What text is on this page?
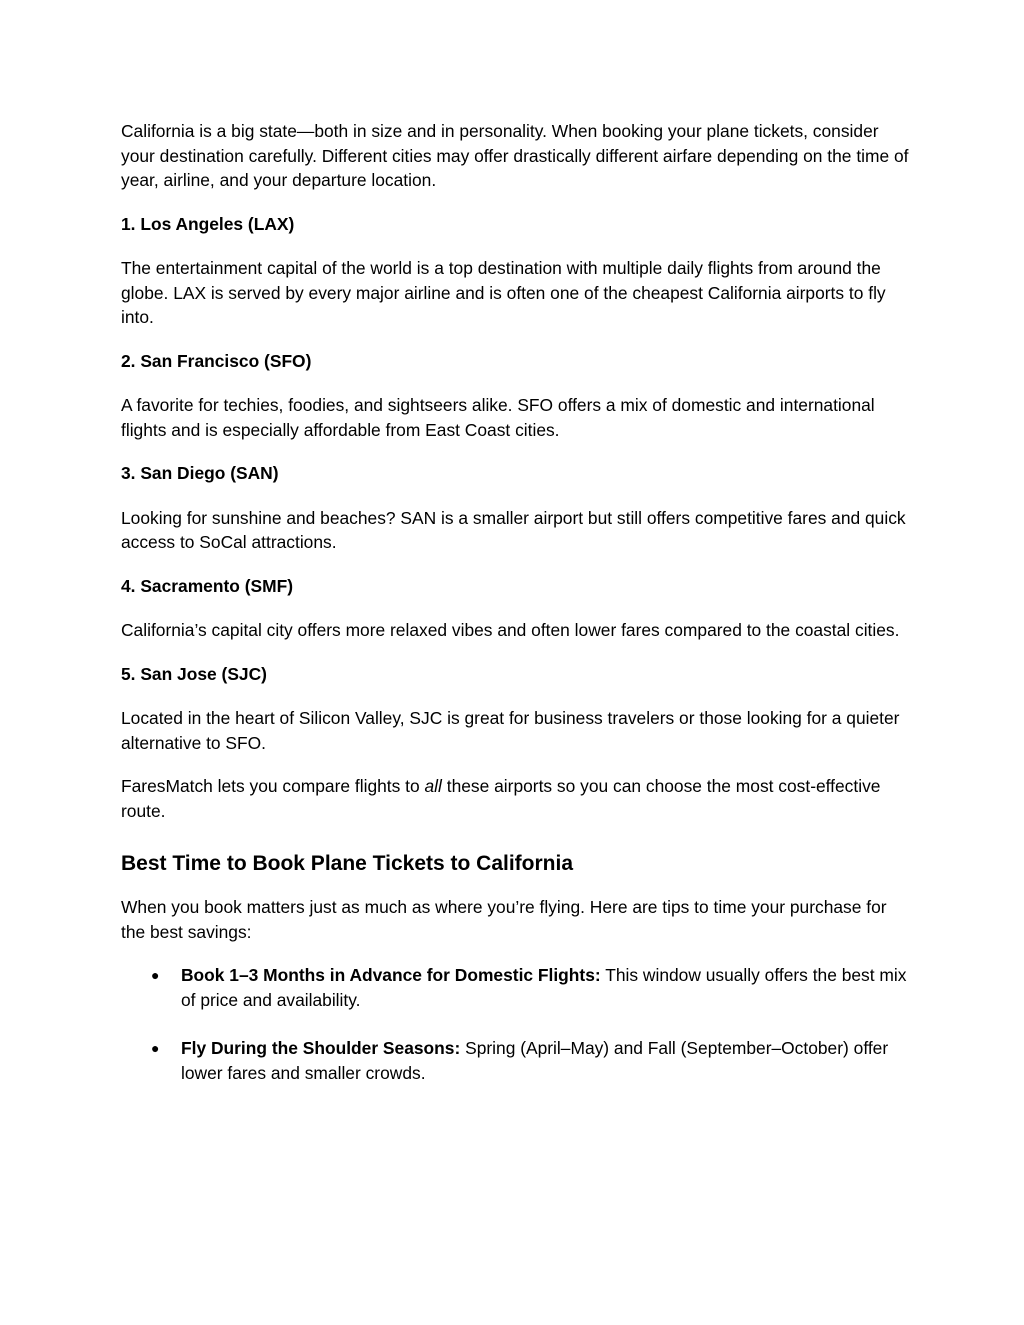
California is a big state—both in size and in personality. When booking your plane tickets, consider your destination carefully. Different cities may offer drastically different airfare depending on the time of year, airline, and your departure location.

1. Los Angeles (LAX)

The entertainment capital of the world is a top destination with multiple daily flights from around the globe. LAX is served by every major airline and is often one of the cheapest California airports to fly into.

2. San Francisco (SFO)

A favorite for techies, foodies, and sightseers alike. SFO offers a mix of domestic and international flights and is especially affordable from East Coast cities.

3. San Diego (SAN)

Looking for sunshine and beaches? SAN is a smaller airport but still offers competitive fares and quick access to SoCal attractions.

4. Sacramento (SMF)

California’s capital city offers more relaxed vibes and often lower fares compared to the coastal cities.

5. San Jose (SJC)

Located in the heart of Silicon Valley, SJC is great for business travelers or those looking for a quieter alternative to SFO.

FaresMatch lets you compare flights to all these airports so you can choose the most cost-effective route.

Best Time to Book Plane Tickets to California

When you book matters just as much as where you’re flying. Here are tips to time your purchase for the best savings:

● Book 1–3 Months in Advance for Domestic Flights: This window usually offers the best mix of price and availability.
● Fly During the Shoulder Seasons: Spring (April–May) and Fall (September–October) offer lower fares and smaller crowds.
